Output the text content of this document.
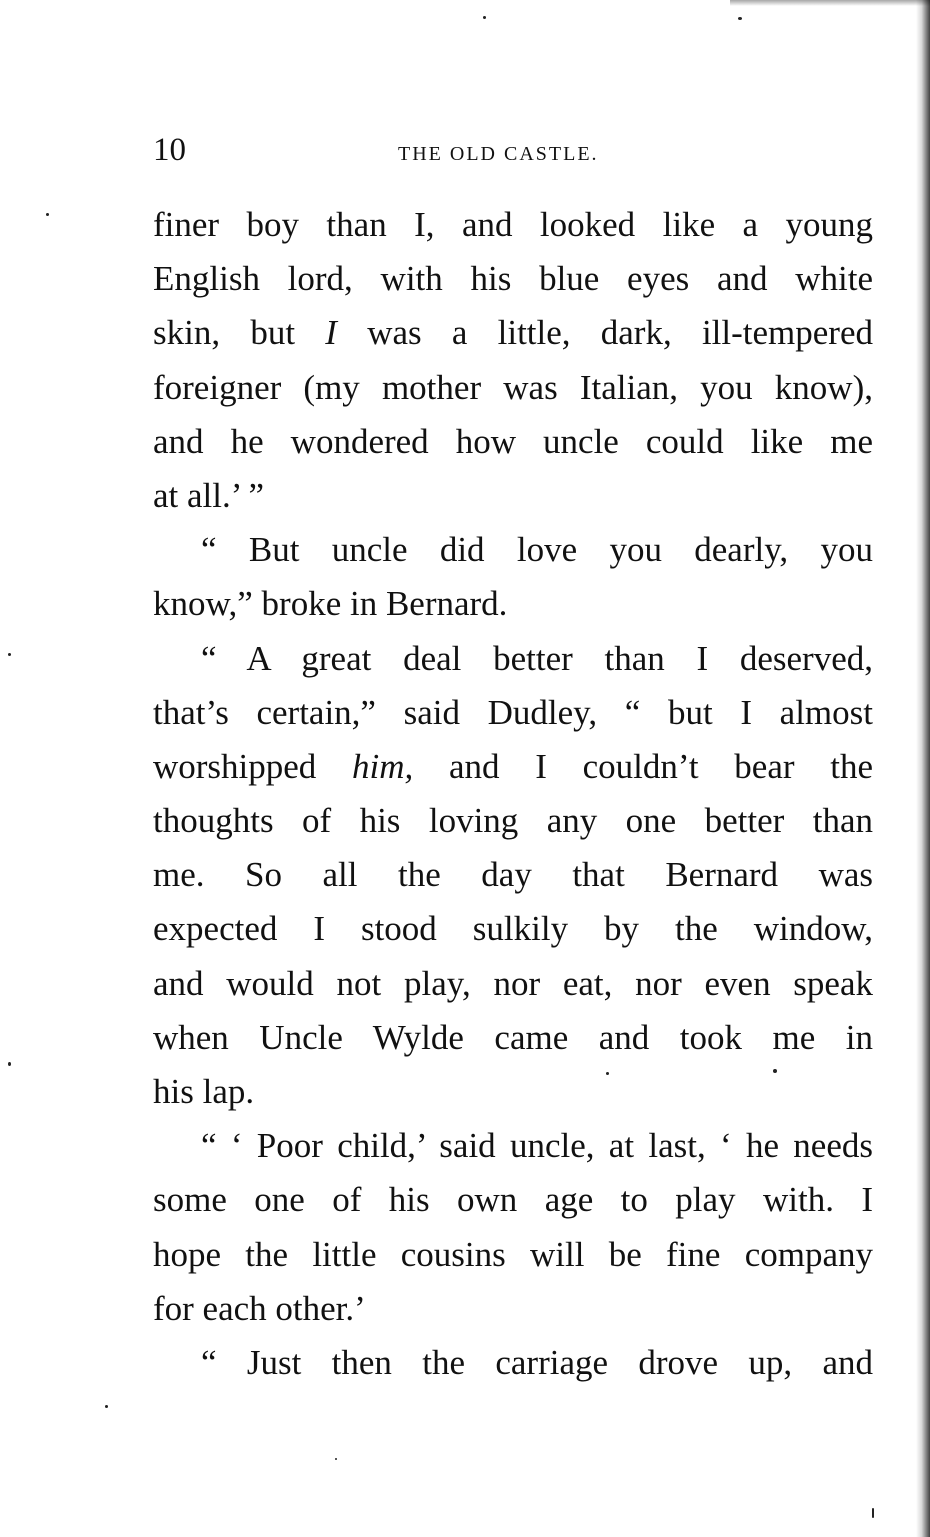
10	THE OLD CASTLE.
finer boy than I, and looked like a young
English lord, with his blue eyes and white
skin, but I was a little, dark, ill-tempered
foreigner (my mother was Italian, you know),
and he wondered how uncle could like me
at all.’ ”
“ But uncle did love you dearly, you
know,” broke in Bernard.
“ A great deal better than I deserved,
that’s certain,” said Dudley, “ but I almost
worshipped him, and I couldn’t bear the
thoughts of his loving any one better than
me. So all the day that Bernard was
expected I stood sulkily by the window,
and would not play, nor eat, nor even speak
when Uncle Wylde came and took me in
his lap.
“ ‘ Poor child,’ said uncle, at last, ‘ he needs
some one of his own age to play with. I
hope the little cousins will be fine company
for each other.’
“ Just then the carriage drove up, and
